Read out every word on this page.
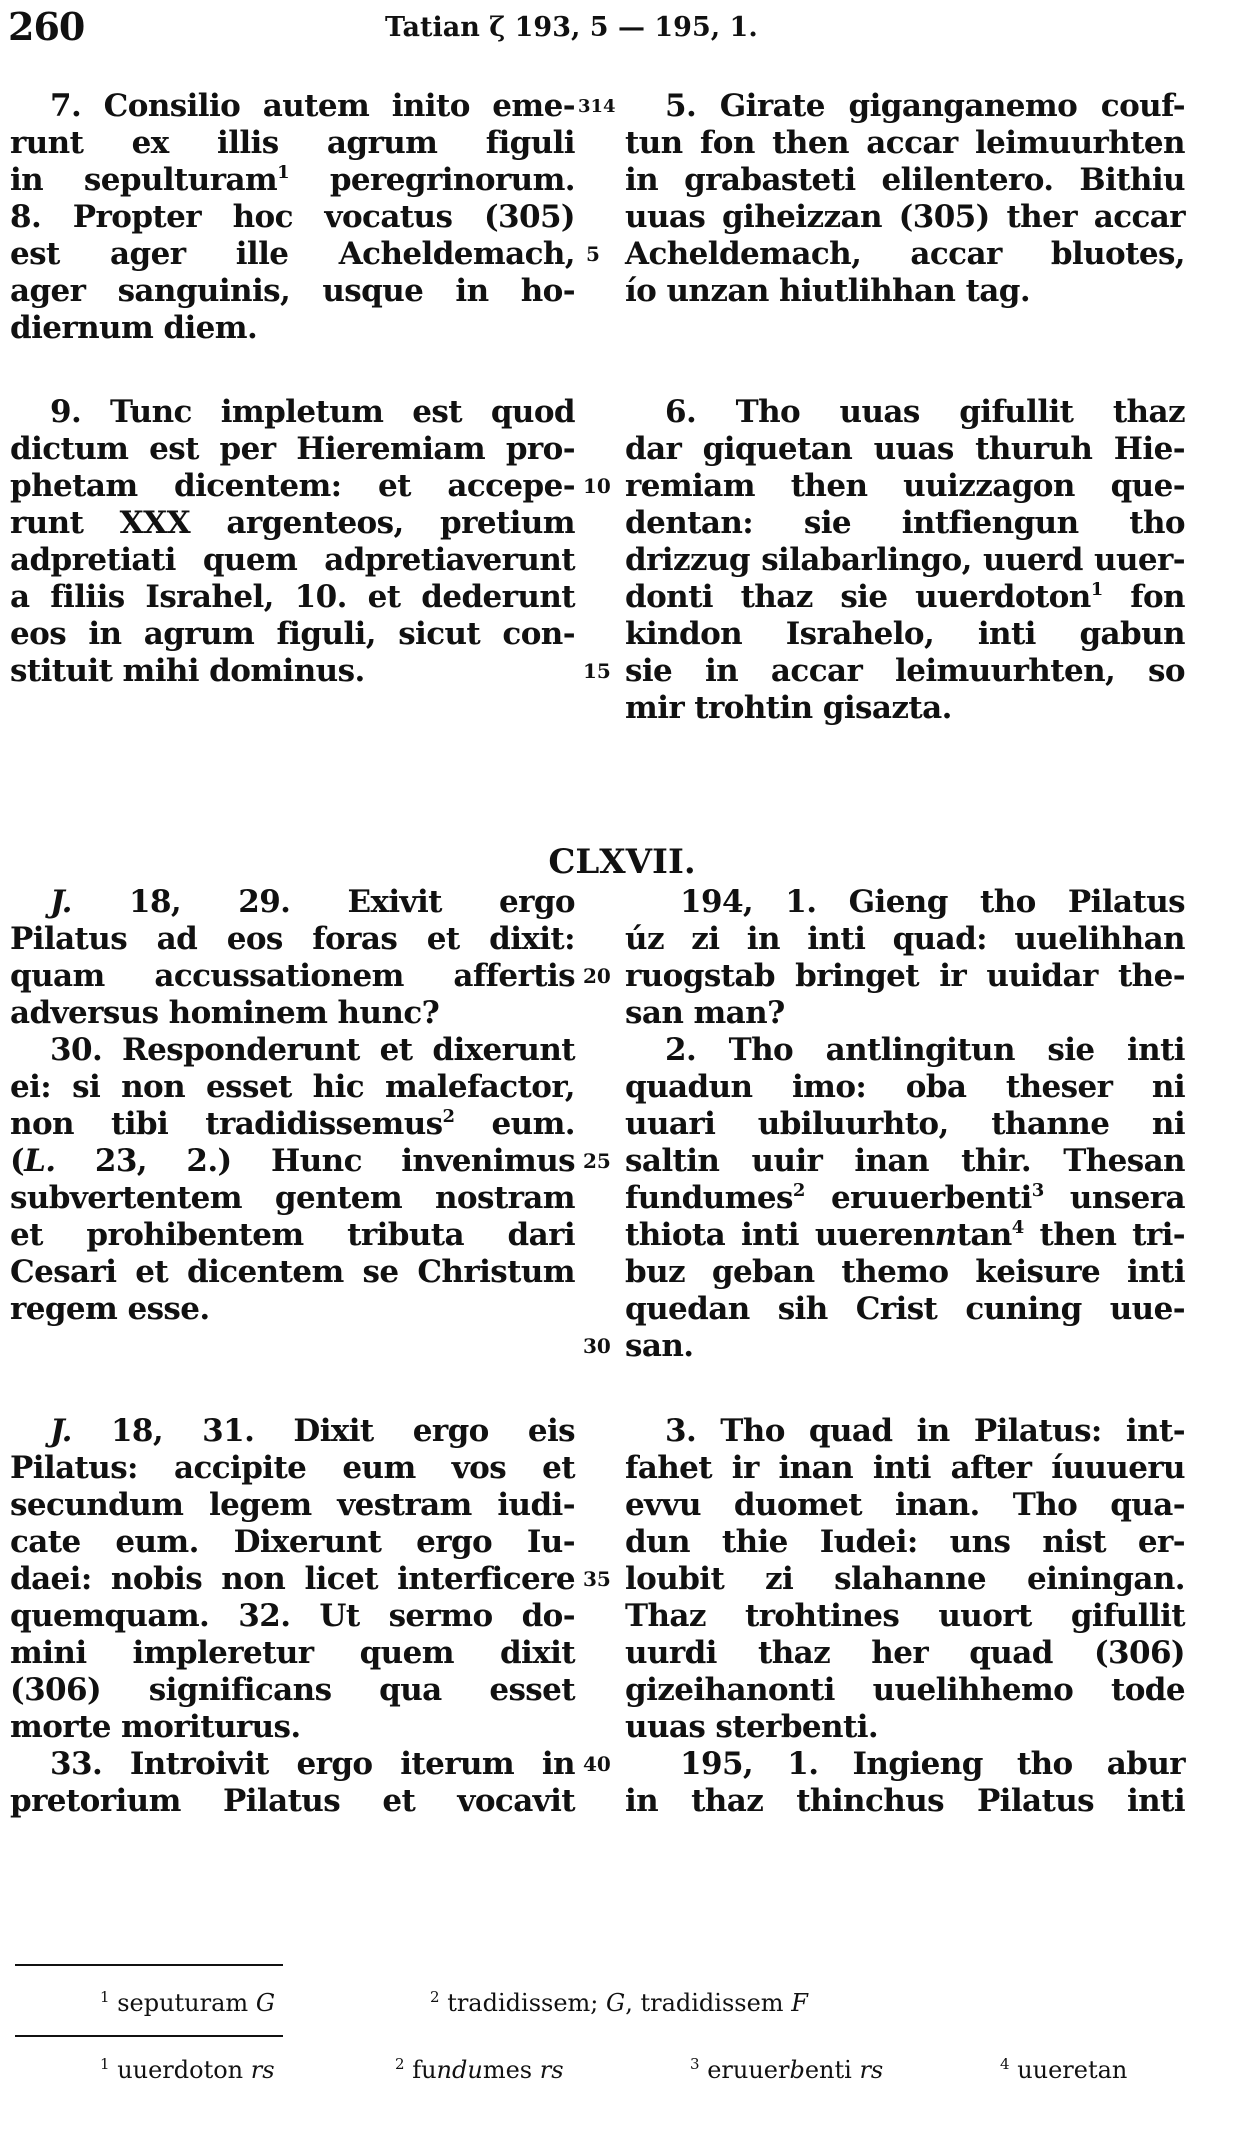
260	Tatian ζ 193, 5 — 195, 1.
7. Consilio autem inito eme- 314
runt ex illis agrum figuli
in sepulturam$^1$ peregrinorum.
8. Propter hoc vocatus (305)
est ager ille Acheldemach, 5
ager sanguinis, usque in ho-
diernum diem.
5. Girate giganganemo couf-
tun fon then accar leimuurhten
in grabasteti elilentero. Bithiu
uuas giheizzan (305) ther accar
Acheldemach, accar bluotes,
ío unzan hiutlihhan tag.
9. Tunc impletum est quod
dictum est per Hieremiam pro-
phetam dicentem: et accepe- 10
runt XXX argenteos, pretium
adpretiati quem adpretiaverunt
a filiis Israhel, 10. et dederunt
eos in agrum figuli, sicut con-
stituit mihi dominus.	15
6. Tho uuas gifullit thaz
dar giquetan uuas thuruh Hie-
remiam then uuizzagon que-
dentan: sie intfiengun tho
drizzug silabarlingo, uuerd uuer-
donti thaz sie uuerdoton$^1$ fon
kindon Israhelo, inti gabun
sie in accar leimuurhten, so
mir trohtin gisazta.
CLXVII.
J. 18, 29. Exivit ergo
Pilatus ad eos foras et dixit:
quam accussationem affertis 20
adversus hominem hunc?
30. Responderunt et dixerunt
ei: si non esset hic malefactor,
non tibi tradidissemus$^2$ eum.
(L. 23, 2.) Hunc invenimus 25
subvertentem gentem nostram
et prohibentem tributa dari
Cesari et dicentem se Christum
regem esse.
30
194, 1. Gieng tho Pilatus
úz zi in inti quad: uuelihhan
ruogstab bringet ir uuidar the-
san man?
2. Tho antlingitun sie inti
quadun imo: oba theser ni
uuari ubiluurhto, thanne ni
saltin uuir inan thir. Thesan
fundumes$^2$ eruuerbenti$^3$ unsera
thiota inti uuerenntan$^4$ then tri-
buz geban themo keisure inti
quedan sih Crist cuning uue-
san.
J. 18, 31. Dixit ergo eis
Pilatus: accipite eum vos et
secundum legem vestram iudi-
cate eum. Dixerunt ergo Iu-
daei: nobis non licet interficere 35
quemquam. 32. Ut sermo do-
mini impleretur quem dixit
(306) significans qua esset
morte moriturus.
33. Introivit ergo iterum in 40
pretorium Pilatus et vocavit
3. Tho quad in Pilatus: int-
fahet ir inan inti after íuuueru
evvu duomet inan. Tho qua-
dun thie Iudei: uns nist er-
loubit zi slahanne einingan.
Thaz trohtines uuort gifullit
uurdi thaz her quad (306)
gizeihanonti uuelihhemo tode
uuas sterbenti.
195, 1. Ingieng tho abur
in thaz thinchus Pilatus inti
$^1$ seputuram G	$^2$ tradidissem; G, tradidissem F
$^1$ uuerdoton rs	$^2$ fundumes rs	$^3$ eruuerbenti rs	$^4$ uueretan
